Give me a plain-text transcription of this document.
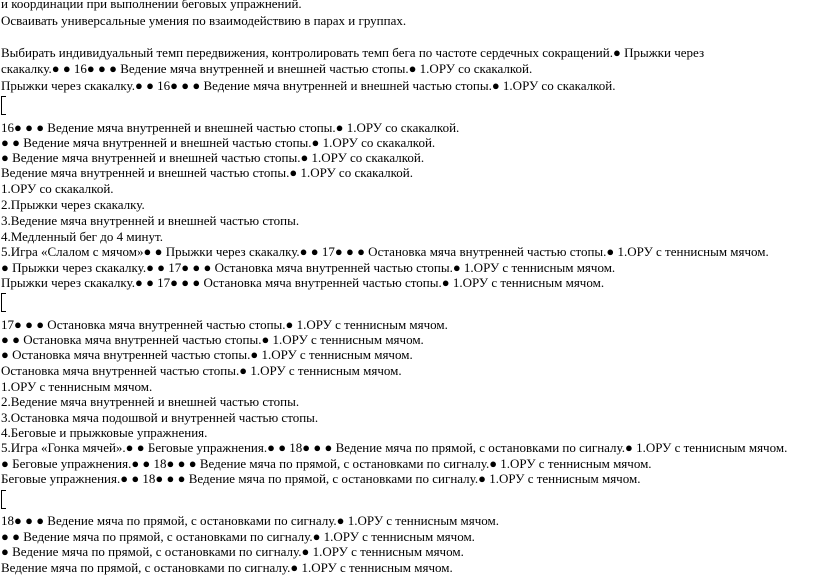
и координации при выполнении беговых упражнений.
Осваивать универсальные умения по взаимодействию в парах и группах.
Выбирать индивидуальный темп передвижения, контролировать темп бега по частоте сердечных сокращений.● Прыжки через
скакалку.● ● 16● ● ● Ведение мяча внутренней и внешней частью стопы.● 1.ОРУ со скакалкой.
Прыжки через скакалку.● ● 16● ● ● Ведение мяча внутренней и внешней частью стопы.● 1.ОРУ со скакалкой.
16● ● ● Ведение мяча внутренней и внешней частью стопы.● 1.ОРУ со скакалкой.
● ● Ведение мяча внутренней и внешней частью стопы.● 1.ОРУ со скакалкой.
● Ведение мяча внутренней и внешней частью стопы.● 1.ОРУ со скакалкой.
Ведение мяча внутренней и внешней частью стопы.● 1.ОРУ со скакалкой.
1.ОРУ со скакалкой.
2.Прыжки через скакалку.
3.Ведение мяча внутренней и внешней частью стопы.
4.Медленный бег до 4 минут.
5.Игра «Слалом с мячом»● ● Прыжки через скакалку.● ● 17● ● ● Остановка мяча внутренней частью стопы.● 1.ОРУ с теннисным мячом.
● Прыжки через скакалку.● ● 17● ● ● Остановка мяча внутренней частью стопы.● 1.ОРУ с теннисным мячом.
Прыжки через скакалку.● ● 17● ● ● Остановка мяча внутренней частью стопы.● 1.ОРУ с теннисным мячом.
17● ● ● Остановка мяча внутренней частью стопы.● 1.ОРУ с теннисным мячом.
● ● Остановка мяча внутренней частью стопы.● 1.ОРУ с теннисным мячом.
● Остановка мяча внутренней частью стопы.● 1.ОРУ с теннисным мячом.
Остановка мяча внутренней частью стопы.● 1.ОРУ с теннисным мячом.
1.ОРУ с теннисным мячом.
2.Ведение мяча внутренней и внешней частью стопы.
3.Остановка мяча подошвой и внутренней частью стопы.
4.Беговые и прыжковые упражнения.
5.Игра «Гонка мячей».● ● Беговые упражнения.● ● 18● ● ● Ведение мяча по прямой, с остановками по сигналу.● 1.ОРУ с теннисным мячом.
● Беговые упражнения.● ● 18● ● ● Ведение мяча по прямой, с остановками по сигналу.● 1.ОРУ с теннисным мячом.
Беговые упражнения.● ● 18● ● ● Ведение мяча по прямой, с остановками по сигналу.● 1.ОРУ с теннисным мячом.
18● ● ● Ведение мяча по прямой, с остановками по сигналу.● 1.ОРУ с теннисным мячом.
● ● Ведение мяча по прямой, с остановками по сигналу.● 1.ОРУ с теннисным мячом.
● Ведение мяча по прямой, с остановками по сигналу.● 1.ОРУ с теннисным мячом.
Ведение мяча по прямой, с остановками по сигналу.● 1.ОРУ с теннисным мячом.
